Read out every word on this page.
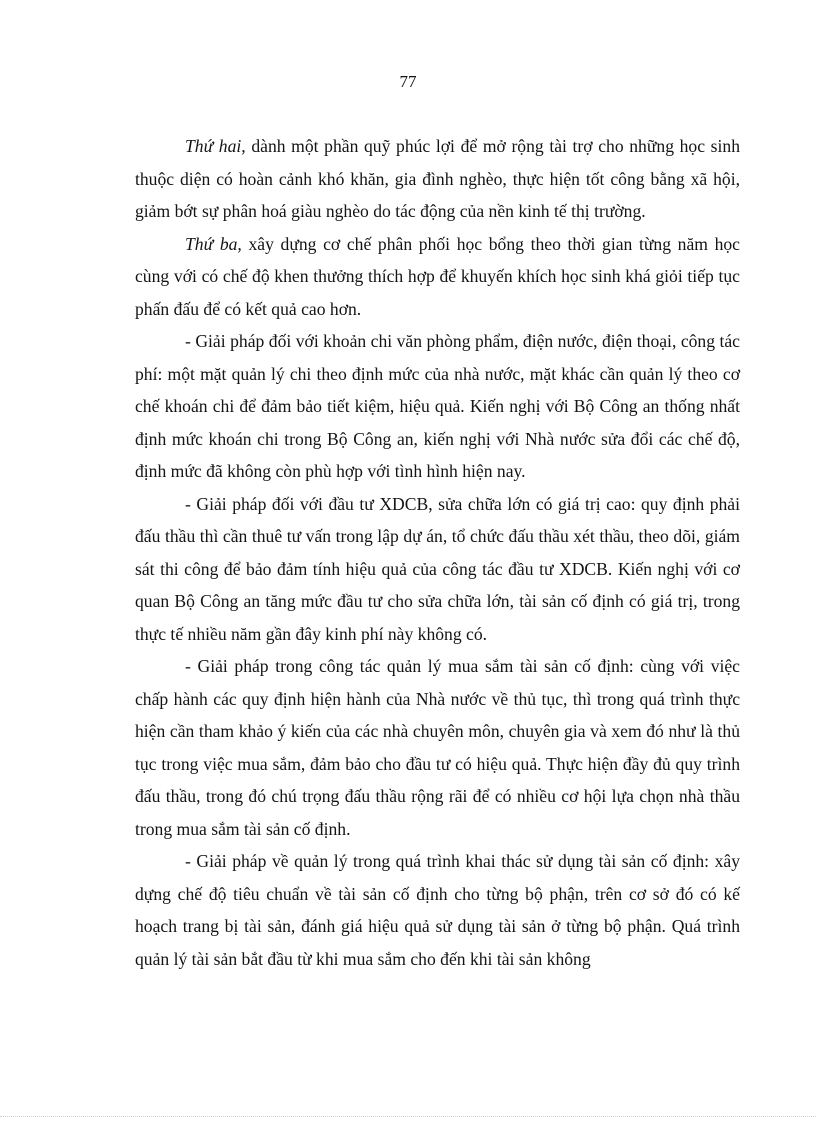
77

Thứ hai, dành một phần quỹ phúc lợi để mở rộng tài trợ cho những học sinh thuộc diện có hoàn cảnh khó khăn, gia đình nghèo, thực hiện tốt công bằng xã hội, giảm bớt sự phân hoá giàu nghèo do tác động của nền kinh tế thị trường.

Thứ ba, xây dựng cơ chế phân phối học bổng theo thời gian từng năm học cùng với có chế độ khen thưởng thích hợp để khuyến khích học sinh khá giỏi tiếp tục phấn đấu để có kết quả cao hơn.

- Giải pháp đối với khoản chi văn phòng phẩm, điện nước, điện thoại, công tác phí: một mặt quản lý chi theo định mức của nhà nước, mặt khác cần quản lý theo cơ chế khoán chi để đảm bảo tiết kiệm, hiệu quả. Kiến nghị với Bộ Công an thống nhất định mức khoán chi trong Bộ Công an, kiến nghị với Nhà nước sửa đổi các chế độ, định mức đã không còn phù hợp với tình hình hiện nay.

- Giải pháp đối với đầu tư XDCB, sửa chữa lớn có giá trị cao: quy định phải đấu thầu thì cần thuê tư vấn trong lập dự án, tổ chức đấu thầu xét thầu, theo dõi, giám sát thi công để bảo đảm tính hiệu quả của công tác đầu tư XDCB. Kiến nghị với cơ quan Bộ Công an tăng mức đầu tư cho sửa chữa lớn, tài sản cố định có giá trị, trong thực tế nhiều năm gần đây kinh phí này không có.

- Giải pháp trong công tác quản lý mua sắm tài sản cố định: cùng với việc chấp hành các quy định hiện hành của Nhà nước về thủ tục, thì trong quá trình thực hiện cần tham khảo ý kiến của các nhà chuyên môn, chuyên gia và xem đó như là thủ tục trong việc mua sắm, đảm bảo cho đầu tư có hiệu quả. Thực hiện đầy đủ quy trình đấu thầu, trong đó chú trọng đấu thầu rộng rãi để có nhiều cơ hội lựa chọn nhà thầu trong mua sắm tài sản cố định.

- Giải pháp về quản lý trong quá trình khai thác sử dụng tài sản cố định: xây dựng chế độ tiêu chuẩn về tài sản cố định cho từng bộ phận, trên cơ sở đó có kế hoạch trang bị tài sản, đánh giá hiệu quả sử dụng tài sản ở từng bộ phận. Quá trình quản lý tài sản bắt đầu từ khi mua sắm cho đến khi tài sản không
